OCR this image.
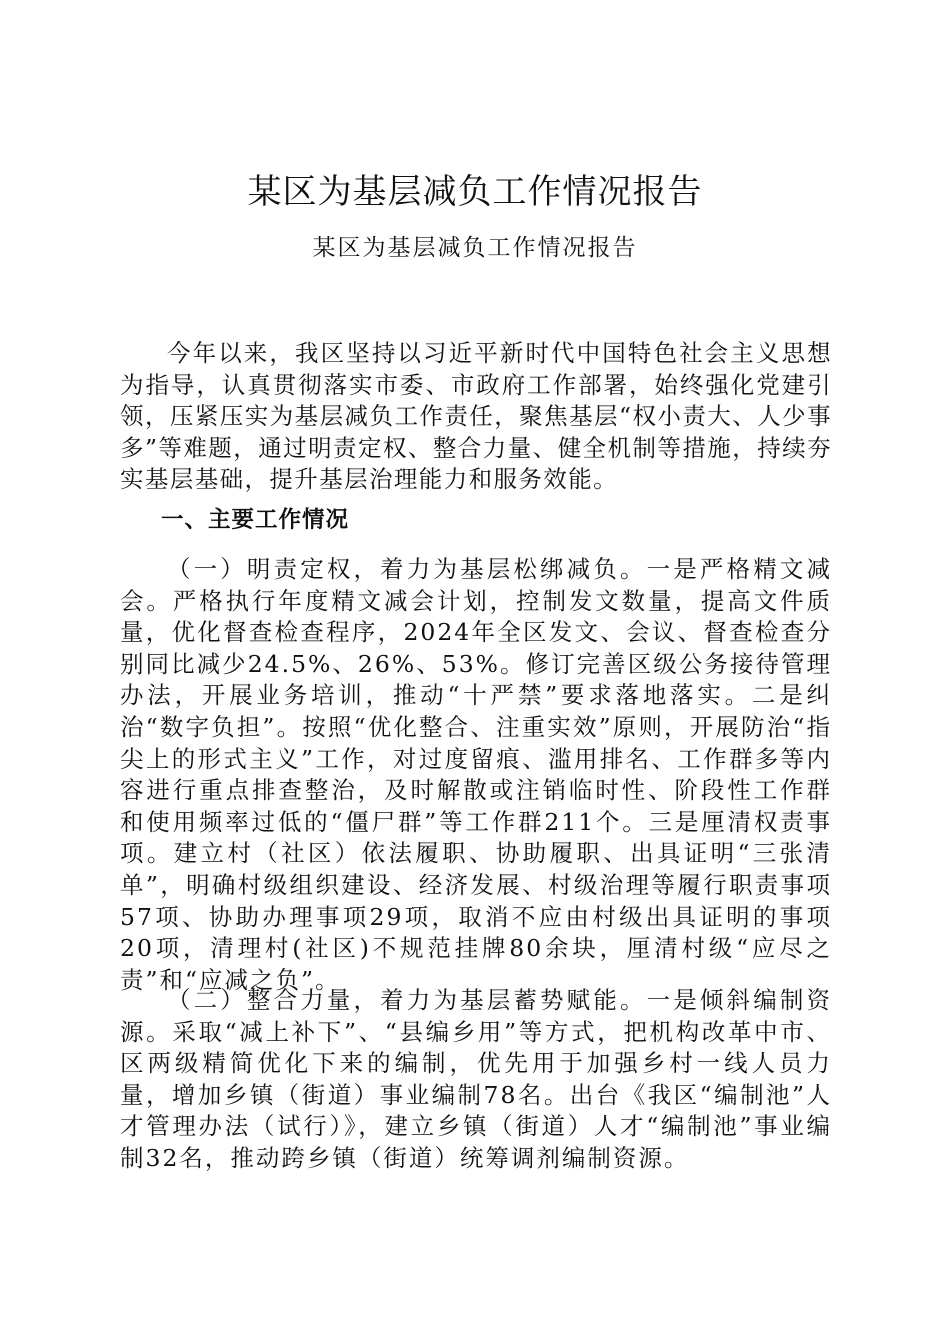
某区为基层减负工作情况报告
某区为基层减负工作情况报告

今年以来，我区坚持以习近平新时代中国特色社会主义思想为指导，认真贯彻落实市委、市政府工作部署，始终强化党建引领，压紧压实为基层减负工作责任，聚焦基层“权小责大、人少事多”等难题，通过明责定权、整合力量、健全机制等措施，持续夯实基层基础，提升基层治理能力和服务效能。

一、主要工作情况

（一）明责定权，着力为基层松绑减负。一是严格精文减会。严格执行年度精文减会计划，控制发文数量，提高文件质量，优化督查检查程序，2024年全区发文、会议、督查检查分别同比减少24.5%、26%、53%。修订完善区级公务接待管理办法，开展业务培训，推动“十严禁”要求落地落实。二是纠治“数字负担”。按照“优化整合、注重实效”原则，开展防治“指尖上的形式主义”工作，对过度留痕、滥用排名、工作群多等内容进行重点排查整治，及时解散或注销临时性、阶段性工作群和使用频率过低的“僵尸群”等工作群211个。三是厘清权责事项。建立村（社区）依法履职、协助履职、出具证明“三张清单”，明确村级组织建设、经济发展、村级治理等履行职责事项57项、协助办理事项29项，取消不应由村级出具证明的事项20项，清理村(社区)不规范挂牌80余块，厘清村级“应尽之责”和“应减之负”。

（二）整合力量，着力为基层蓄势赋能。一是倾斜编制资源。采取“减上补下”、“县编乡用”等方式，把机构改革中市、区两级精简优化下来的编制，优先用于加强乡村一线人员力量，增加乡镇（街道）事业编制78名。出台《我区“编制池”人才管理办法（试行）》，建立乡镇（街道）人才“编制池”事业编制32名，推动跨乡镇（街道）统筹调剂编制资源。
